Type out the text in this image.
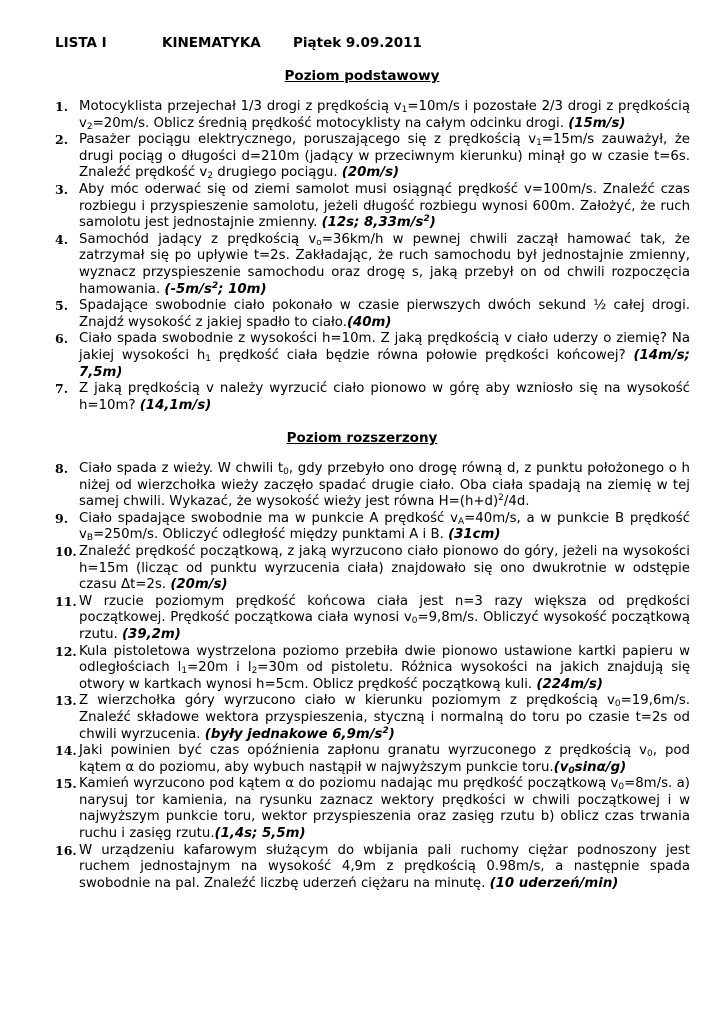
LISTA I	KINEMATYKA Piątek 9.09.2011
Poziom podstawowy
1. Motocyklista przejechał 1/3 drogi z prędkością $v_1=10m/s$ i pozostałe 2/3 drogi z prędkością $v_2=20m/s$. Oblicz średnią prędkość motocyklisty na całym odcinku drogi. (15m/s)
2. Pasażer pociągu elektrycznego, poruszającego się z prędkością $v_1=15m/s$ zauważył, że drugi pociąg o długości d=210m (jadący w przeciwnym kierunku) minął go w czasie t=6s. Znaleźć prędkość $v_2$ drugiego pociągu. (20m/s)
3. Aby móc oderwać się od ziemi samolot musi osiągnąć prędkość v=100m/s. Znaleźć czas rozbiegu i przyspieszenie samolotu, jeżeli długość rozbiegu wynosi 600m. Założyć, że ruch samolotu jest jednostajnie zmienny. (12s; $8,33m/s^2$)
4. Samochód jadący z prędkością $v_o=36km/h$ w pewnej chwili zaczął hamować tak, że zatrzymał się po upływie t=2s. Zakładając, że ruch samochodu był jednostajnie zmienny, wyznacz przyspieszenie samochodu oraz drogę s, jaką przebył on od chwili rozpoczęcia hamowania. ($-5m/s^2$; 10m)
5. Spadające swobodnie ciało pokonało w czasie pierwszych dwóch sekund ½ całej drogi. Znajdź wysokość z jakiej spadło to ciało.(40m)
6. Ciało spada swobodnie z wysokości h=10m. Z jaką prędkością v ciało uderzy o ziemię? Na jakiej wysokości $h_1$ prędkość ciała będzie równa połowie prędkości końcowej? (14m/s; 7,5m)
7. Z jaką prędkością v należy wyrzucić ciało pionowo w górę aby wzniosło się na wysokość h=10m? (14,1m/s)
Poziom rozszerzony
8. Ciało spada z wieży. W chwili $t_0$, gdy przebyło ono drogę równą d, z punktu położonego o h niżej od wierzchołka wieży zaczęło spadać drugie ciało. Oba ciała spadają na ziemię w tej samej chwili. Wykazać, że wysokość wieży jest równa $H=(h+d)^2/4d$.
9. Ciało spadające swobodnie ma w punkcie A prędkość $v_A=40m/s$, a w punkcie B prędkość $v_B=250m/s$. Obliczyć odległość między punktami A i B. (31cm)
10. Znaleźć prędkość początkową, z jaką wyrzucono ciało pionowo do góry, jeżeli na wysokości h=15m (licząc od punktu wyrzucenia ciała) znajdowało się ono dwukrotnie w odstępie czasu Δt=2s. (20m/s)
11. W rzucie poziomym prędkość końcowa ciała jest n=3 razy większa od prędkości początkowej. Prędkość początkowa ciała wynosi $v_0=9,8m/s$. Obliczyć wysokość początkową rzutu. (39,2m)
12. Kula pistoletowa wystrzelona poziomo przebiła dwie pionowo ustawione kartki papieru w odległościach $l_1=20m$ i $l_2=30m$ od pistoletu. Różnica wysokości na jakich znajdują się otwory w kartkach wynosi h=5cm. Oblicz prędkość początkową kuli. (224m/s)
13. Z wierzchołka góry wyrzucono ciało w kierunku poziomym z prędkością $v_0=19,6m/s$. Znaleźć składowe wektora przyspieszenia, styczną i normalną do toru po czasie t=2s od chwili wyrzucenia. (były jednakowe $6,9m/s^2$)
14. Jaki powinien być czas opóźnienia zapłonu granatu wyrzuconego z prędkością $v_0$, pod kątem α do poziomu, aby wybuch nastąpił w najwyższym punkcie $toru.(v_0\sin\alpha/g)$
15. Kamień wyrzucono pod kątem α do poziomu nadając mu prędkość początkową $v_0=8m/s$. a) narysuj tor kamienia, na rysunku zaznacz wektory prędkości w chwili początkowej i w najwyższym punkcie toru, wektor przyspieszenia oraz zasięg rzutu b) oblicz czas trwania ruchu i zasięg rzutu.(1,4s; 5,5m)
16. W urządzeniu kafarowym służącym do wbijania pali ruchomy ciężar podnoszony jest ruchem jednostajnym na wysokość 4,9m z prędkością 0.98m/s, a następnie spada swobodnie na pal. Znaleźć liczbę uderzeń ciężaru na minutę. (10 uderzeń/min)
